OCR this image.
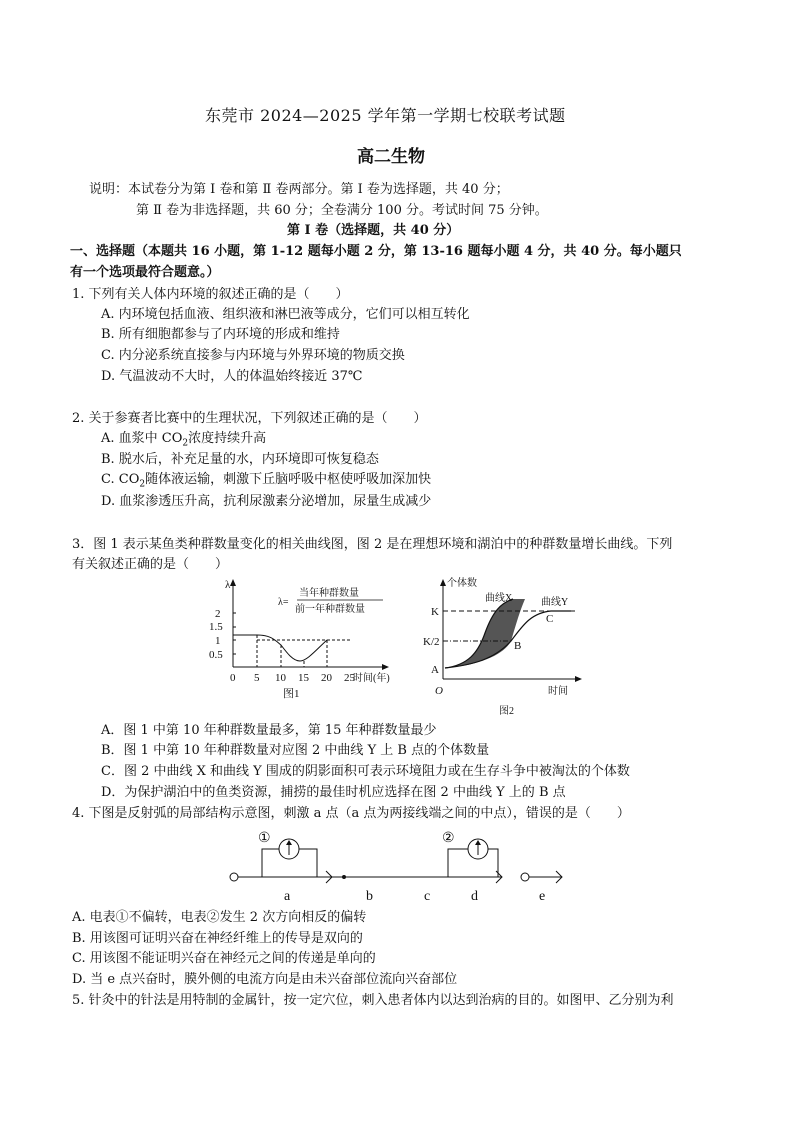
东莞市 2024—2025 学年第一学期七校联考试题
高二生物
说明：本试卷分为第 Ⅰ 卷和第 Ⅱ 卷两部分。第 Ⅰ 卷为选择题，共 40 分；
第 Ⅱ 卷为非选择题，共 60 分；全卷满分 100 分。考试时间 75 分钟。
第 Ⅰ 卷（选择题，共 40 分）
一、选择题（本题共 16 小题，第 1-12 题每小题 2 分，第 13-16 题每小题 4 分，共 40 分。每小题只
有一个选项最符合题意。）
1. 下列有关人体内环境的叙述正确的是（　　）
A. 内环境包括血液、组织液和淋巴液等成分，它们可以相互转化
B. 所有细胞都参与了内环境的形成和维持
C. 内分泌系统直接参与内环境与外界环境的物质交换
D. 气温波动不大时，人的体温始终接近 37℃
2. 关于参赛者比赛中的生理状况，下列叙述正确的是（　　）
A. 血浆中 $CO_2$浓度持续升高
B. 脱水后，补充足量的水，内环境即可恢复稳态
C. $CO_2$随体液运输，刺激下丘脑呼吸中枢使呼吸加深加快
D. 血浆渗透压升高，抗利尿激素分泌增加，尿量生成减少
3．图 1 表示某鱼类种群数量变化的相关曲线图，图 2 是在理想环境和湖泊中的种群数量增长曲线。下列
有关叙述正确的是（　　）
λ
2
1.5
1
0.5
0 5 10 15 20 25
时间(年)
λ=
当年种群数量
前一年种群数量
图1
个体数
K
K/2
A
O
B
C
曲线X	曲线Y
时间
图2
A．图 1 中第 10 年种群数量最多，第 15 年种群数量最少
B．图 1 中第 10 年种群数量对应图 2 中曲线 Y 上 B 点的个体数量
C．图 2 中曲线 X 和曲线 Y 围成的阴影面积可表示环境阻力或在生存斗争中被淘汰的个体数
D．为保护湖泊中的鱼类资源，捕捞的最佳时机应选择在图 2 中曲线 Y 上的 B 点
4. 下图是反射弧的局部结构示意图，刺激 a 点（a 点为两接线端之间的中点），错误的是（　　）
①	②
a	b	c	d	e
A. 电表①不偏转，电表②发生 2 次方向相反的偏转
B. 用该图可证明兴奋在神经纤维上的传导是双向的
C. 用该图不能证明兴奋在神经元之间的传递是单向的
D. 当 e 点兴奋时，膜外侧的电流方向是由未兴奋部位流向兴奋部位
5. 针灸中的针法是用特制的金属针，按一定穴位，刺入患者体内以达到治病的目的。如图甲、乙分别为利
